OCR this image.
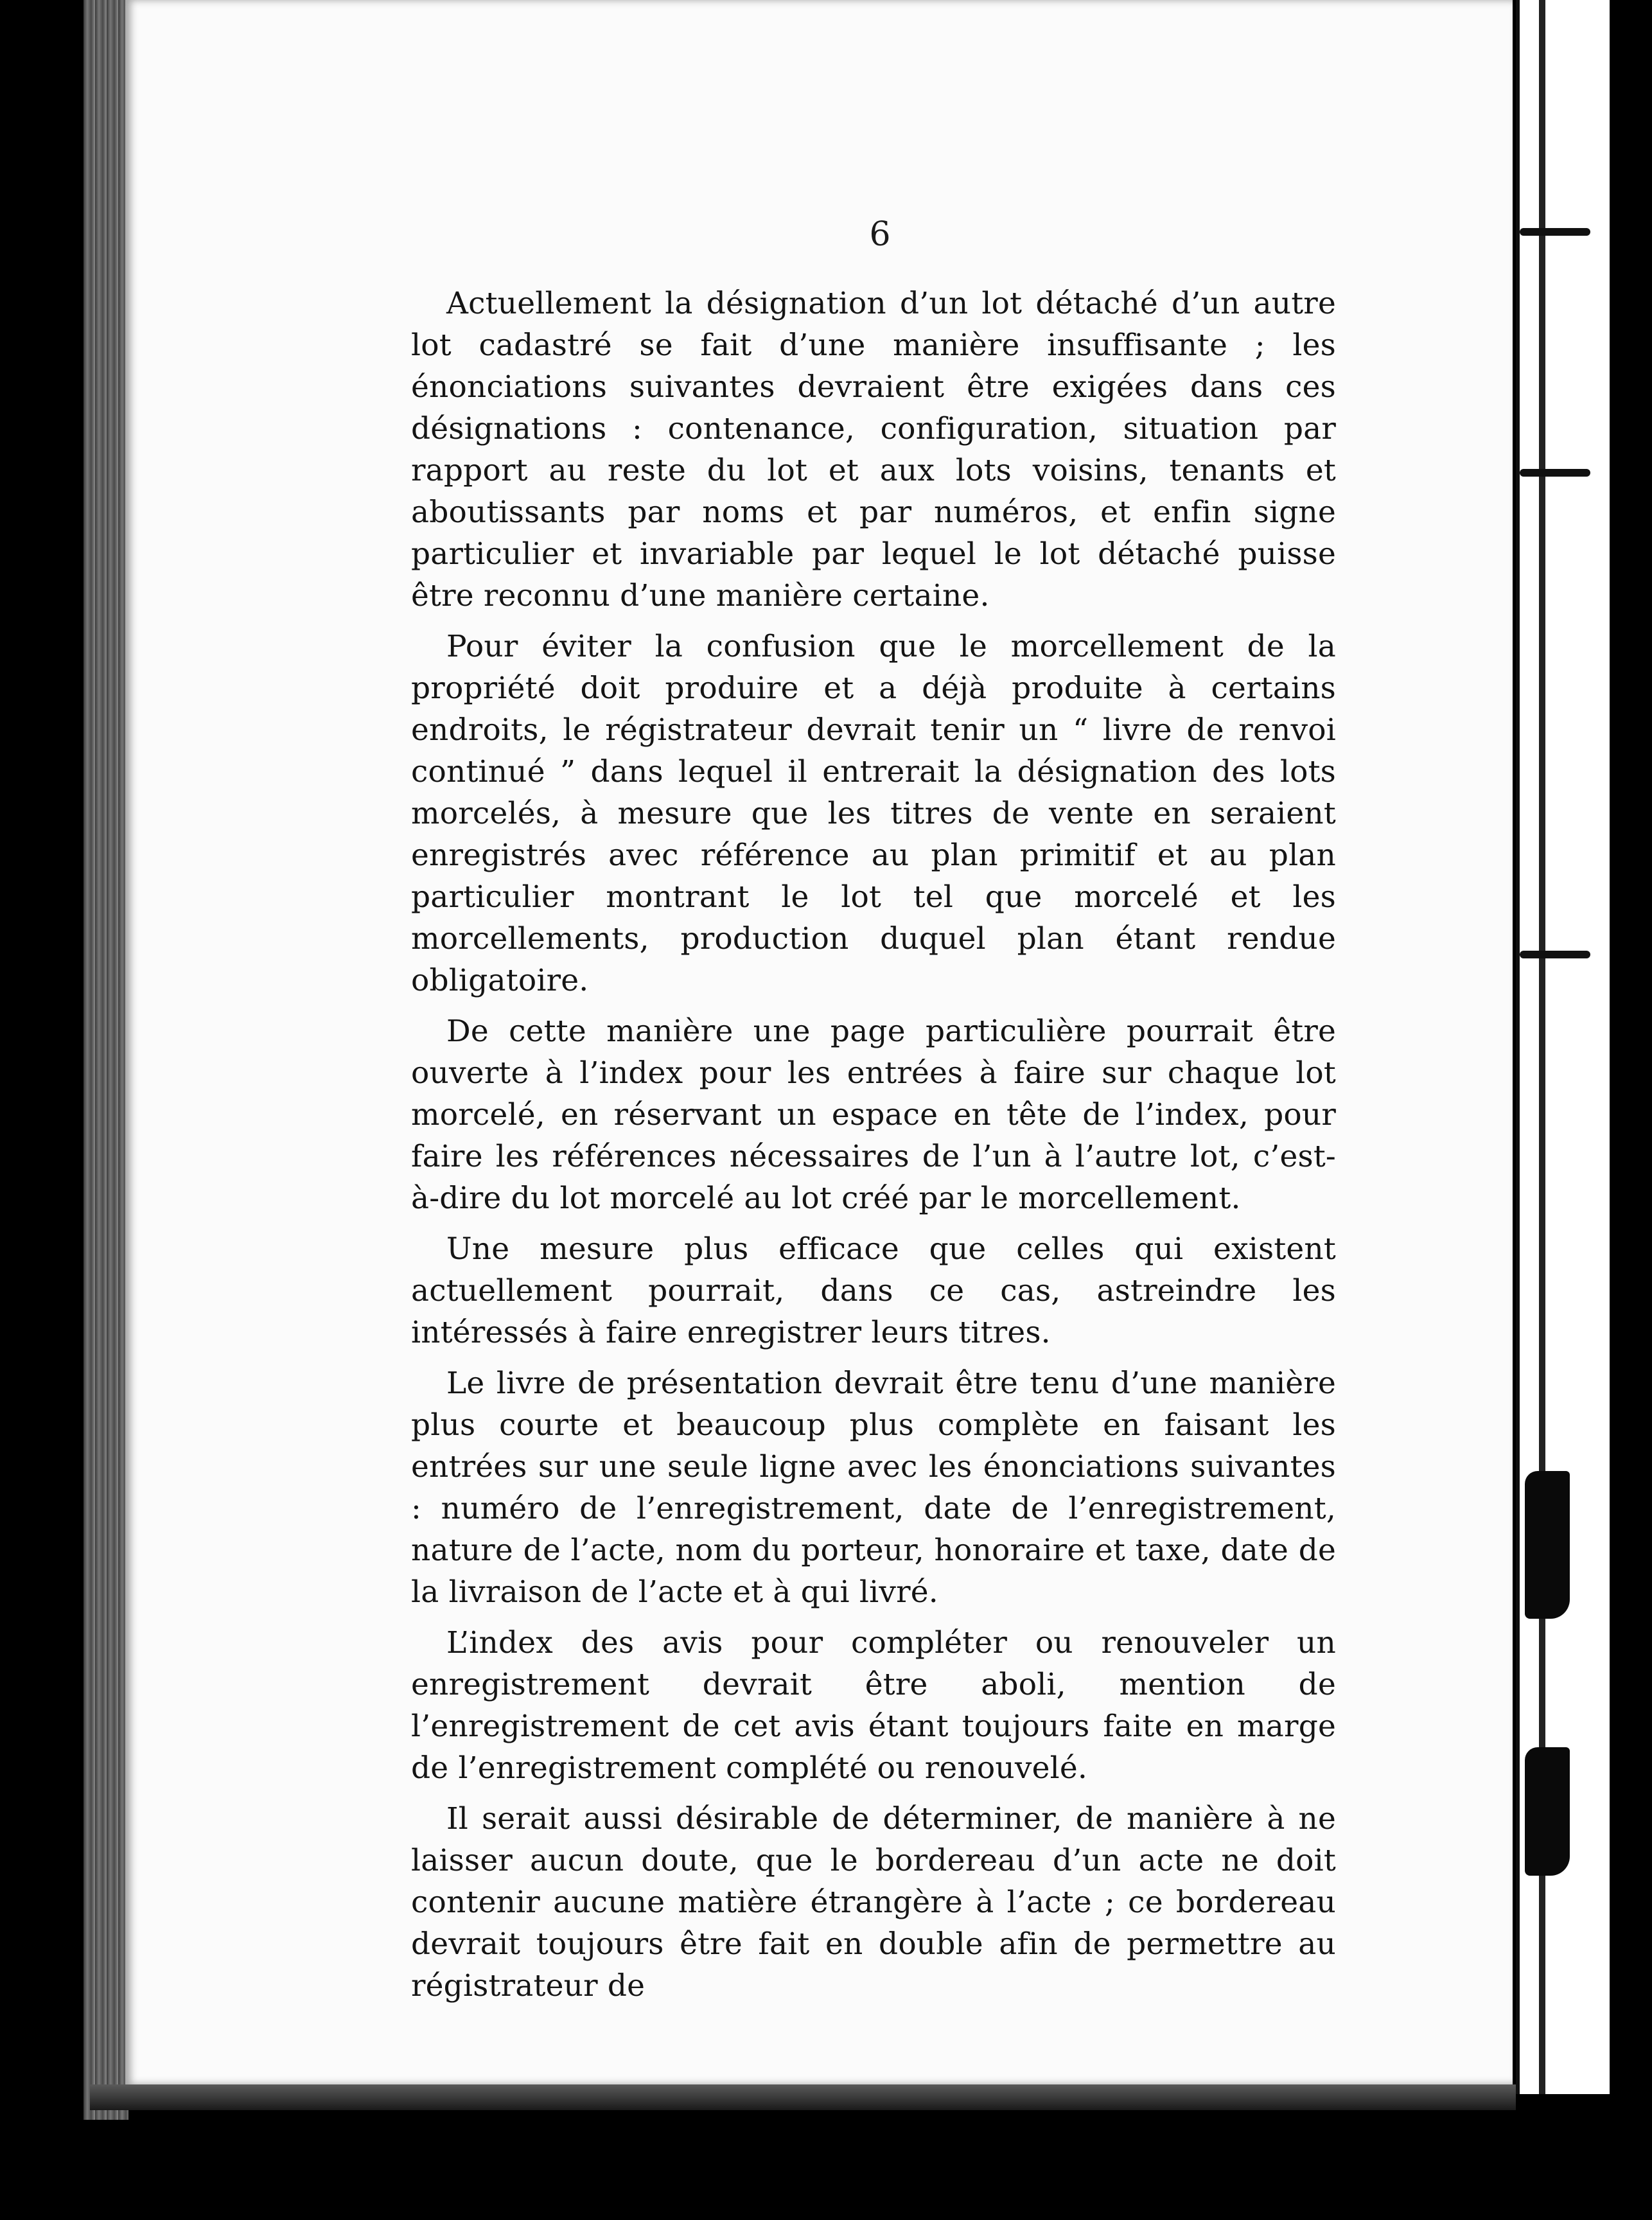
6

Actuellement la désignation d’un lot détaché d’un autre lot cadastré se fait d’une manière insuffisante ; les énonciations suivantes devraient être exigées dans ces désignations : contenance, configuration, situation par rapport au reste du lot et aux lots voisins, tenants et aboutissants par noms et par numéros, et enfin signe particulier et invariable par lequel le lot détaché puisse être reconnu d’une manière certaine.

Pour éviter la confusion que le morcellement de la propriété doit produire et a déjà produite à certains endroits, le régistrateur devrait tenir un “ livre de renvoi continué ” dans lequel il entrerait la désignation des lots morcelés, à mesure que les titres de vente en seraient enregistrés avec référence au plan primitif et au plan particulier montrant le lot tel que morcelé et les morcellements, production duquel plan étant rendue obligatoire.

De cette manière une page particulière pourrait être ouverte à l’index pour les entrées à faire sur chaque lot morcelé, en réservant un espace en tête de l’index, pour faire les références nécessaires de l’un à l’autre lot, c’est-à-dire du lot morcelé au lot créé par le morcellement.

Une mesure plus efficace que celles qui existent actuellement pourrait, dans ce cas, astreindre les intéressés à faire enregistrer leurs titres.

Le livre de présentation devrait être tenu d’une manière plus courte et beaucoup plus complète en faisant les entrées sur une seule ligne avec les énonciations suivantes : numéro de l’enregistrement, date de l’enregistrement, nature de l’acte, nom du porteur, honoraire et taxe, date de la livraison de l’acte et à qui livré.

L’index des avis pour compléter ou renouveler un enregistrement devrait être aboli, mention de l’enregistrement de cet avis étant toujours faite en marge de l’enregistrement complété ou renouvelé.

Il serait aussi désirable de déterminer, de manière à ne laisser aucun doute, que le bordereau d’un acte ne doit contenir aucune matière étrangère à l’acte ; ce bordereau devrait toujours être fait en double afin de permettre au régistrateur de
